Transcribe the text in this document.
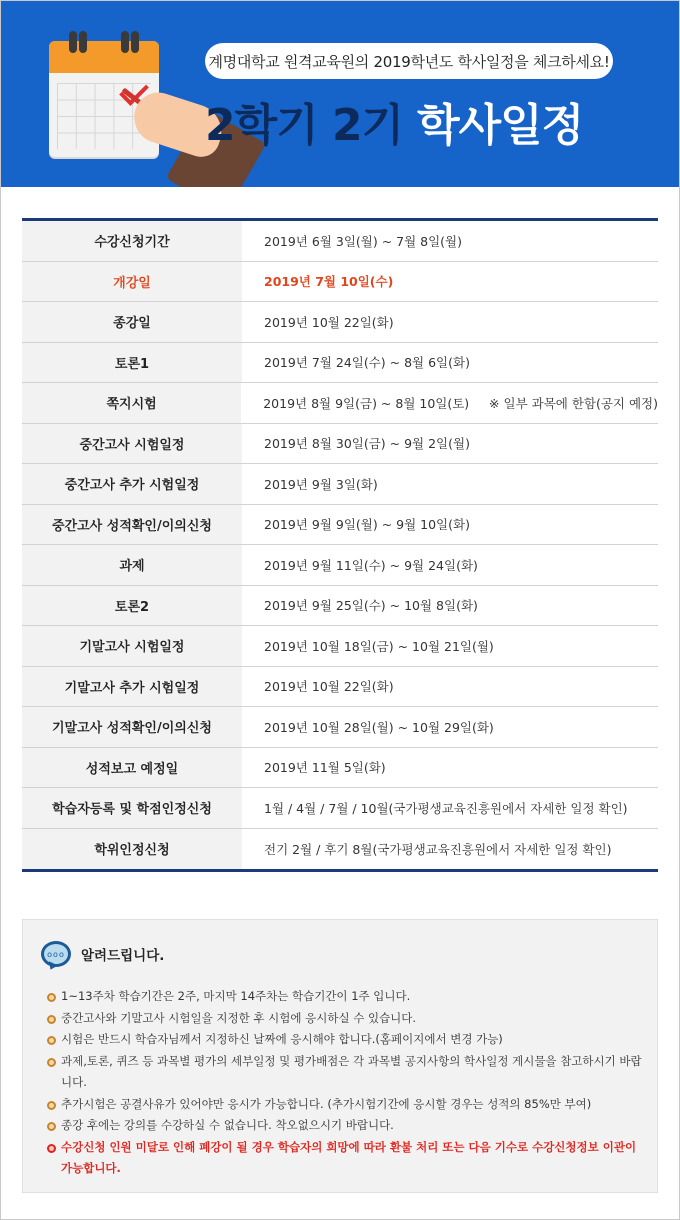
계명대학교 원격교육원의 2019학년도 학사일정을 체크하세요!
2학기 2기 학사일정
수강신청기간	2019년 6월 3일(월) ~ 7월 8일(월)
개강일	2019년 7월 10일(수)
종강일	2019년 10월 22일(화)
토론1	2019년 7월 24일(수) ~ 8월 6일(화)
쪽지시험	2019년 8월 9일(금) ~ 8월 10일(토)     ※ 일부 과목에 한함(공지 예정)
중간고사 시험일정	2019년 8월 30일(금) ~ 9월 2일(월)
중간고사 추가 시험일정	2019년 9월 3일(화)
중간고사 성적확인/이의신청	2019년 9월 9일(월) ~ 9월 10일(화)
과제	2019년 9월 11일(수) ~ 9월 24일(화)
토론2	2019년 9월 25일(수) ~ 10월 8일(화)
기말고사 시험일정	2019년 10월 18일(금) ~ 10월 21일(월)
기말고사 추가 시험일정	2019년 10월 22일(화)
기말고사 성적확인/이의신청	2019년 10월 28일(월) ~ 10월 29일(화)
성적보고 예정일	2019년 11월 5일(화)
학습자등록 및 학점인정신청	1월 / 4월 / 7월 / 10월(국가평생교육진흥원에서 자세한 일정 확인)
학위인정신청	전기 2월 / 후기 8월(국가평생교육진흥원에서 자세한 일정 확인)
ooo	알려드립니다.
1~13주차 학습기간은 2주, 마지막 14주차는 학습기간이 1주 입니다.
중간고사와 기말고사 시험일을 지정한 후 시험에 응시하실 수 있습니다.
시험은 반드시 학습자님께서 지정하신 날짜에 응시해야 합니다.(홈페이지에서 변경 가능)
과제,토론, 퀴즈 등 과목별 평가의 세부일정 및 평가배점은 각 과목별 공지사항의 학사일정 게시물을 참고하시기 바랍니다.
추가시험은 공결사유가 있어야만 응시가 가능합니다. (추가시험기간에 응시할 경우는 성적의 85%만 부여)
종강 후에는 강의를 수강하실 수 없습니다. 착오없으시기 바랍니다.
수강신청 인원 미달로 인해 폐강이 될 경우 학습자의 희망에 따라 환불 처리 또는 다음 기수로 수강신청정보 이관이 가능합니다.
